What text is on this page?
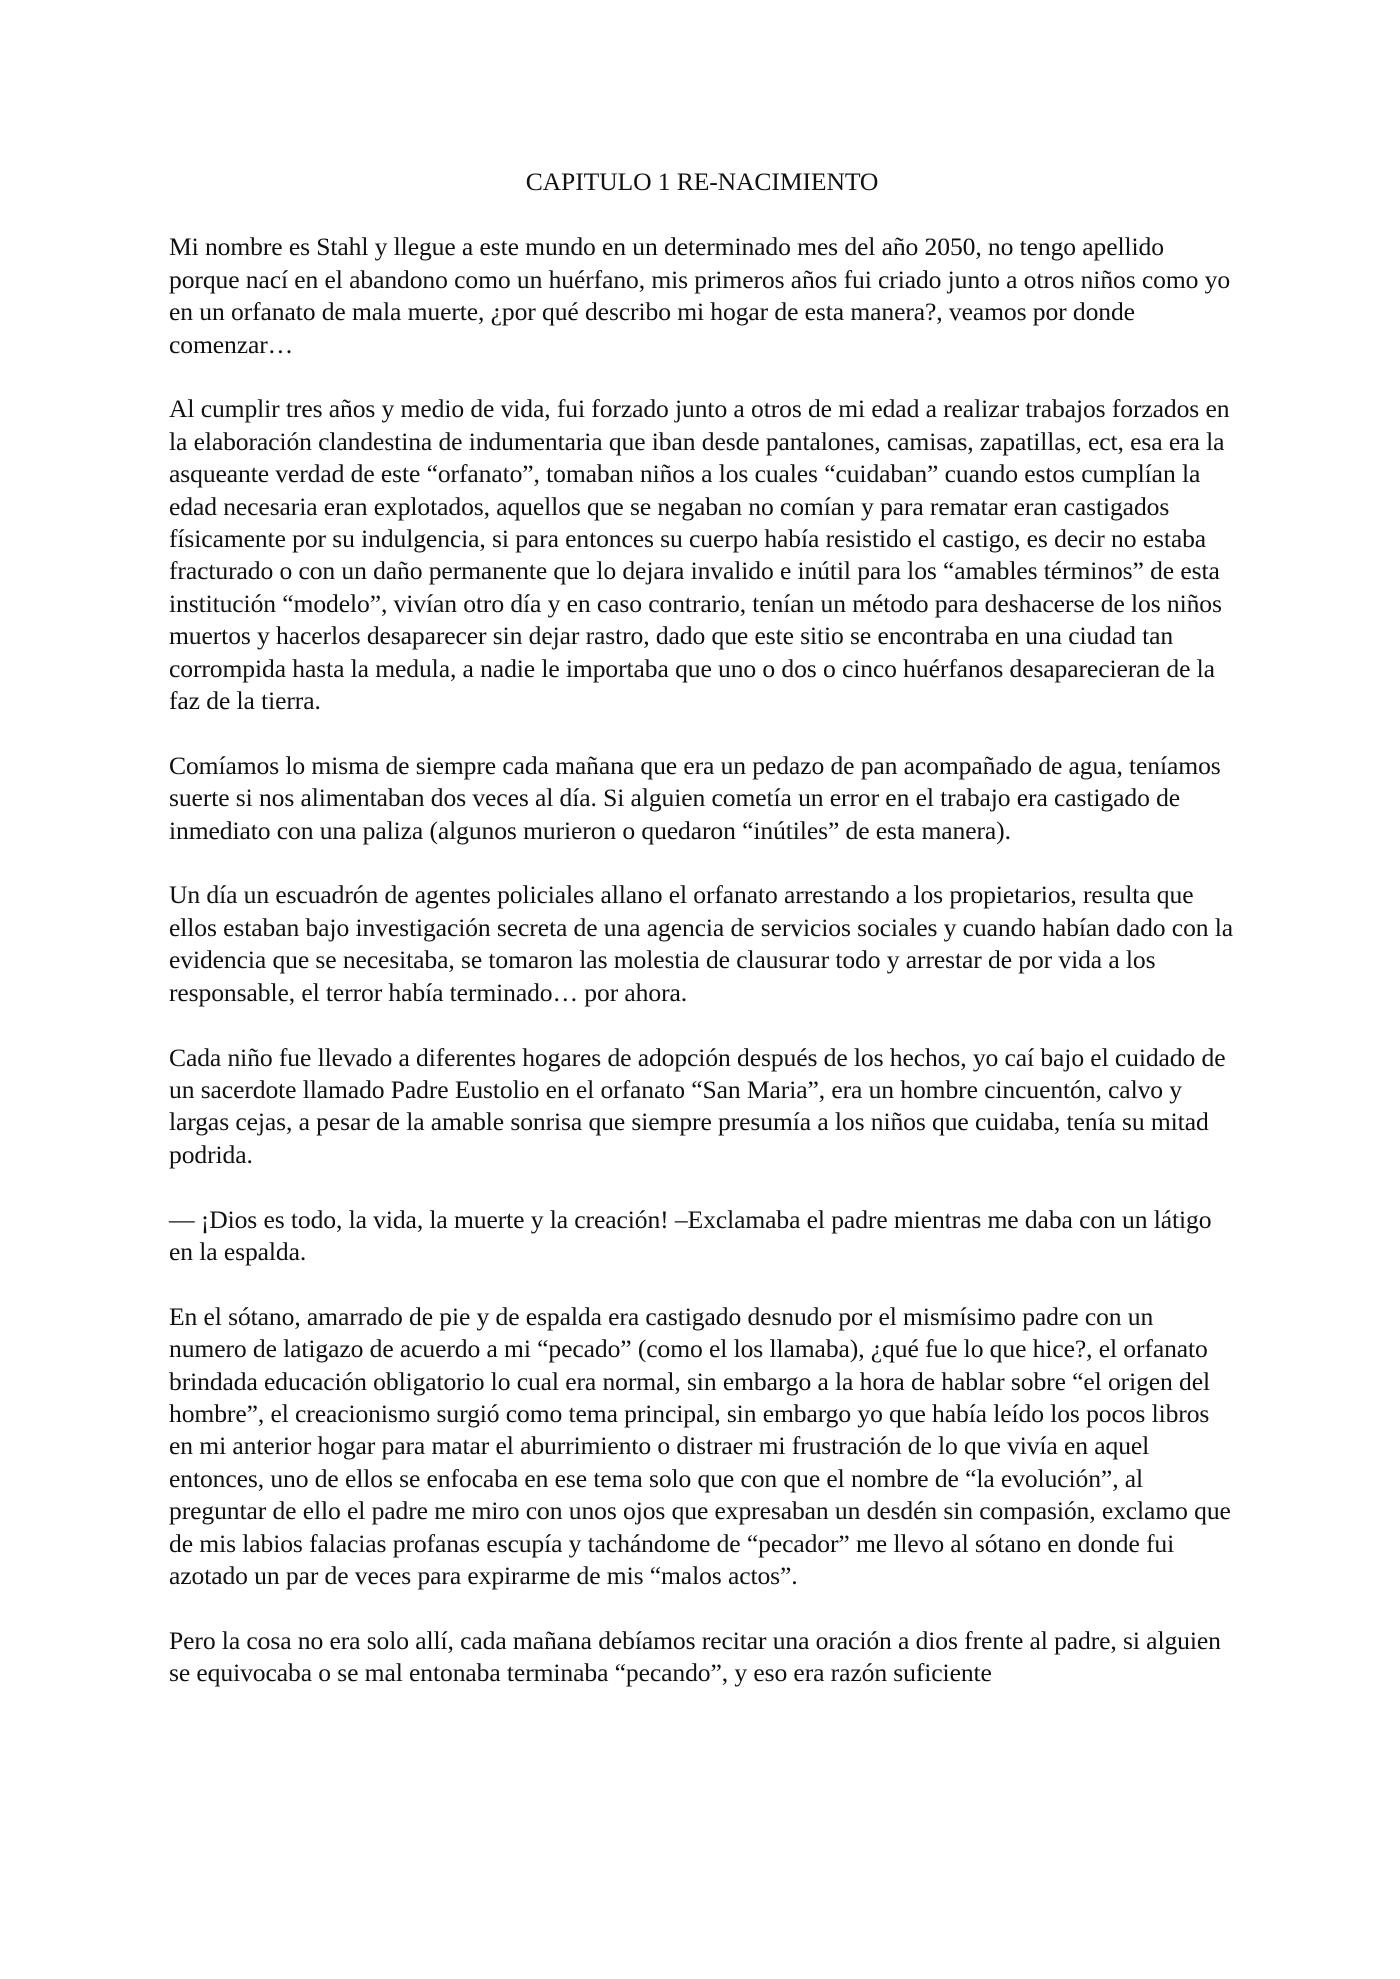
CAPITULO 1 RE-NACIMIENTO

Mi nombre es Stahl y llegue a este mundo en un determinado mes del año 2050, no tengo apellido porque nací en el abandono como un huérfano, mis primeros años fui criado junto a otros niños como yo en un orfanato de mala muerte, ¿por qué describo mi hogar de esta manera?, veamos por donde comenzar…

Al cumplir tres años y medio de vida, fui forzado junto a otros de mi edad a realizar trabajos forzados en la elaboración clandestina de indumentaria que iban desde pantalones, camisas, zapatillas, ect, esa era la asqueante verdad de este “orfanato”, tomaban niños a los cuales “cuidaban” cuando estos cumplían la edad necesaria eran explotados, aquellos que se negaban no comían y para rematar eran castigados físicamente por su indulgencia, si para entonces su cuerpo había resistido el castigo, es decir no estaba fracturado o con un daño permanente que lo dejara invalido e inútil para los “amables términos” de esta institución “modelo”, vivían otro día y en caso contrario, tenían un método para deshacerse de los niños muertos y hacerlos desaparecer sin dejar rastro, dado que este sitio se encontraba en una ciudad tan corrompida hasta la medula, a nadie le importaba que uno o dos o cinco huérfanos desaparecieran de la faz de la tierra.

Comíamos lo misma de siempre cada mañana que era un pedazo de pan acompañado de agua, teníamos suerte si nos alimentaban dos veces al día. Si alguien cometía un error en el trabajo era castigado de inmediato con una paliza (algunos murieron o quedaron “inútiles” de esta manera).

Un día un escuadrón de agentes policiales allano el orfanato arrestando a los propietarios, resulta que ellos estaban bajo investigación secreta de una agencia de servicios sociales y cuando habían dado con la evidencia que se necesitaba, se tomaron las molestia de clausurar todo y arrestar de por vida a los responsable, el terror había terminado… por ahora.

Cada niño fue llevado a diferentes hogares de adopción después de los hechos, yo caí bajo el cuidado de un sacerdote llamado Padre Eustolio en el orfanato “San Maria”, era un hombre cincuentón, calvo y largas cejas, a pesar de la amable sonrisa que siempre presumía a los niños que cuidaba, tenía su mitad podrida.

— ¡Dios es todo, la vida, la muerte y la creación! –Exclamaba el padre mientras me daba con un látigo en la espalda.

En el sótano, amarrado de pie y de espalda era castigado desnudo por el mismísimo padre con un numero de latigazo de acuerdo a mi “pecado” (como el los llamaba), ¿qué fue lo que hice?, el orfanato brindada educación obligatorio lo cual era normal, sin embargo a la hora de hablar sobre “el origen del hombre”, el creacionismo surgió como tema principal, sin embargo yo que había leído los pocos libros en mi anterior hogar para matar el aburrimiento o distraer mi frustración de lo que vivía en aquel entonces, uno de ellos se enfocaba en ese tema solo que con que el nombre de “la evolución”, al preguntar de ello el padre me miro con unos ojos que expresaban un desdén sin compasión, exclamo que de mis labios falacias profanas escupía y tachándome de “pecador” me llevo al sótano en donde fui azotado un par de veces para expirarme de mis “malos actos”.

Pero la cosa no era solo allí, cada mañana debíamos recitar una oración a dios frente al padre, si alguien se equivocaba o se mal entonaba terminaba “pecando”, y eso era razón suficiente
